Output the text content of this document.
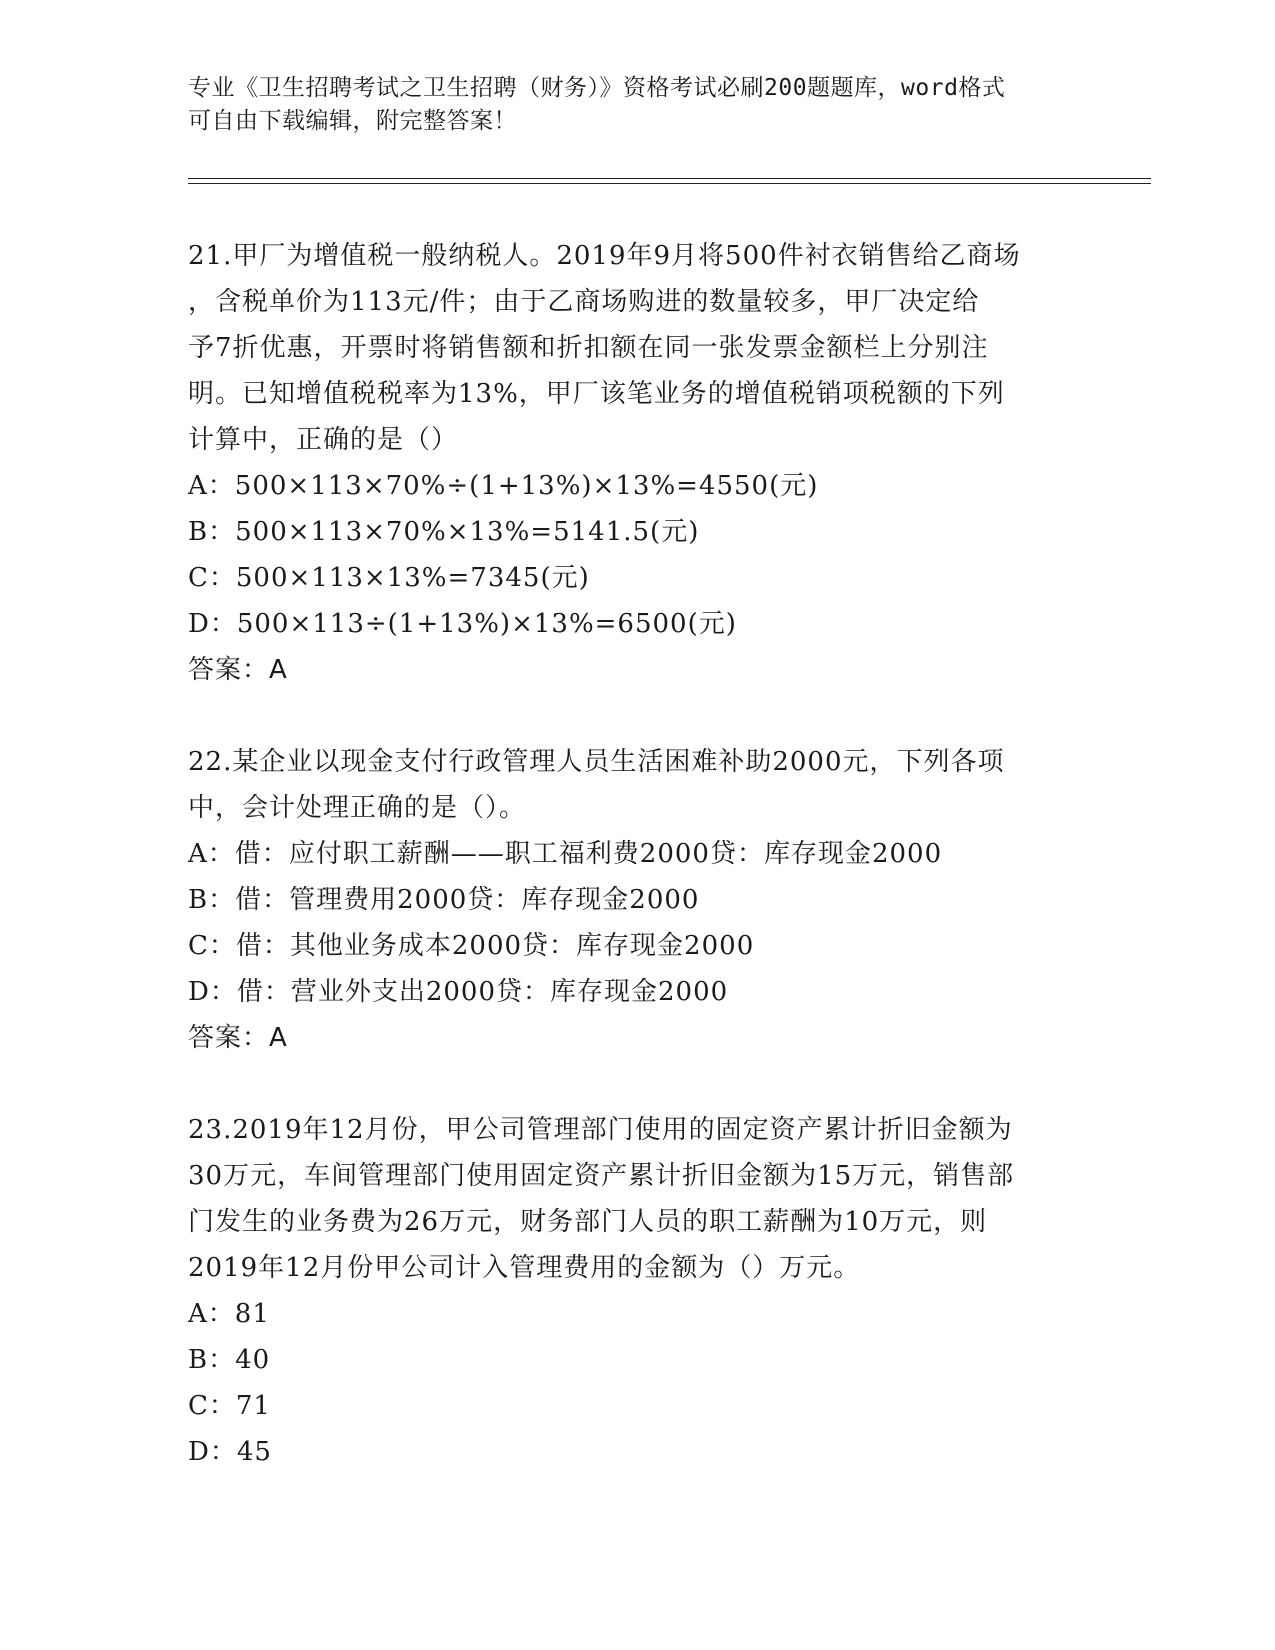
专业《卫生招聘考试之卫生招聘（财务）》资格考试必刷200题题库，word格式
可自由下载编辑，附完整答案！
21.甲厂为增值税一般纳税人。2019年9月将500件衬衣销售给乙商场
，含税单价为113元/件；由于乙商场购进的数量较多，甲厂决定给
予7折优惠，开票时将销售额和折扣额在同一张发票金额栏上分别注
明。已知增值税税率为13%，甲厂该笔业务的增值税销项税额的下列
计算中，正确的是（）
A：500×113×70%÷(1+13%)×13%=4550(元)
B：500×113×70%×13%=5141.5(元)
C：500×113×13%=7345(元)
D：500×113÷(1+13%)×13%=6500(元)
答案：A
22.某企业以现金支付行政管理人员生活困难补助2000元，下列各项
中，会计处理正确的是（）。
A：借：应付职工薪酬——职工福利费2000贷：库存现金2000
B：借：管理费用2000贷：库存现金2000
C：借：其他业务成本2000贷：库存现金2000
D：借：营业外支出2000贷：库存现金2000
答案：A
23.2019年12月份，甲公司管理部门使用的固定资产累计折旧金额为
30万元，车间管理部门使用固定资产累计折旧金额为15万元，销售部
门发生的业务费为26万元，财务部门人员的职工薪酬为10万元，则
2019年12月份甲公司计入管理费用的金额为（）万元。
A：81
B：40
C：71
D：45
